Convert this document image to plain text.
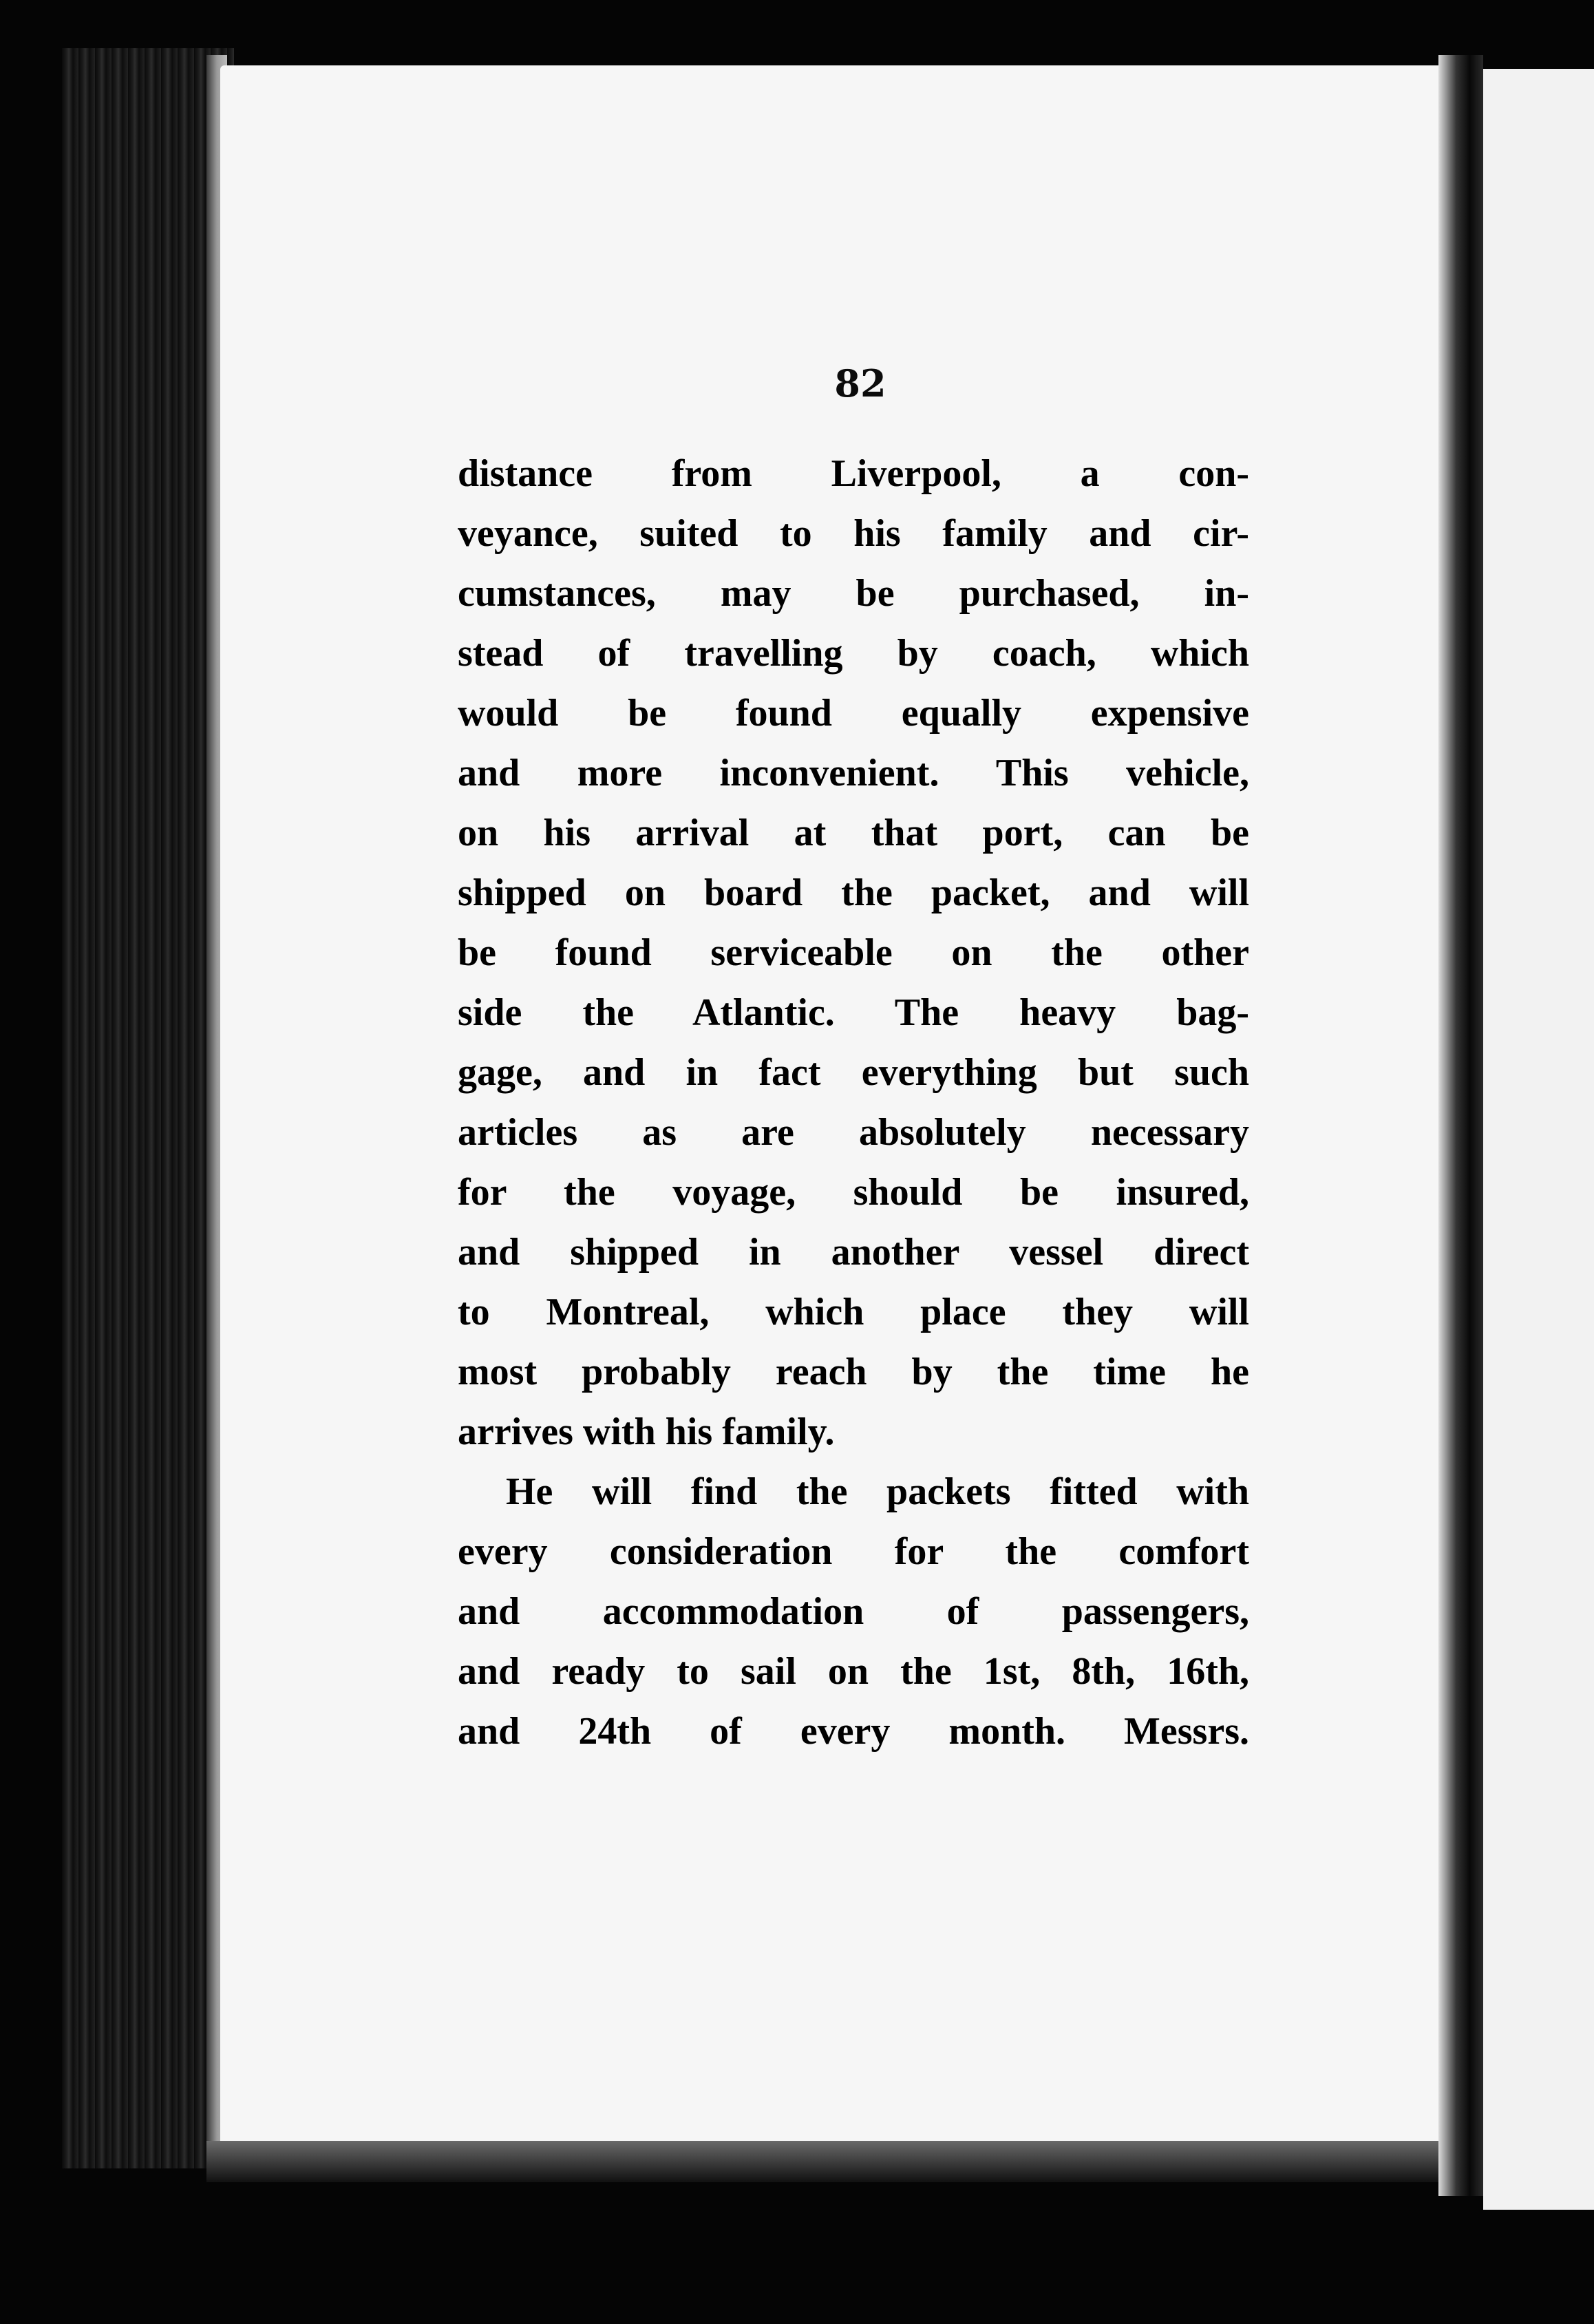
82
distance from Liverpool, a con-
veyance, suited to his family and cir-
cumstances, may be purchased, in-
stead of travelling by coach, which
would be found equally expensive
and more inconvenient. This vehicle,
on his arrival at that port, can be
shipped on board the packet, and will
be found serviceable on the other
side the Atlantic. The heavy bag-
gage, and in fact everything but such
articles as are absolutely necessary
for the voyage, should be insured,
and shipped in another vessel direct
to Montreal, which place they will
most probably reach by the time he
arrives with his family.
He will find the packets fitted with
every consideration for the comfort
and accommodation of passengers,
and ready to sail on the 1st, 8th, 16th,
and 24th of every month. Messrs.
